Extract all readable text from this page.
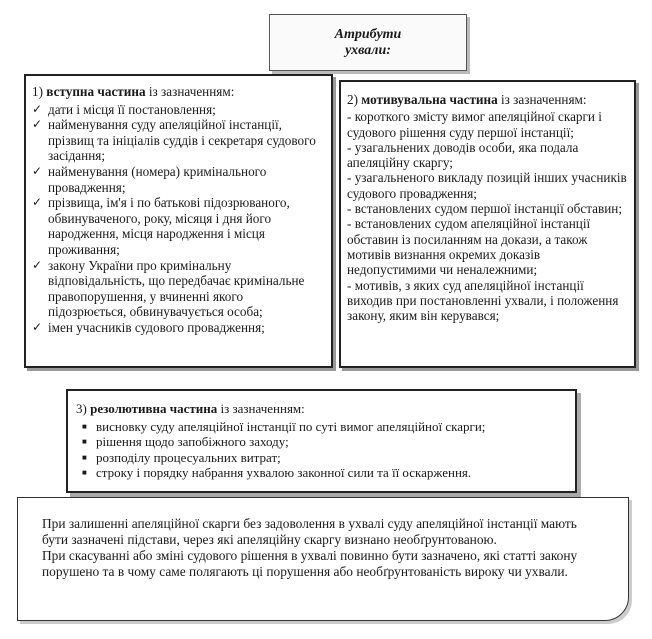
Атрибути
ухвали:
1) вступна частина із зазначенням:
✓ дати і місця її постановлення;
✓ найменування суду апеляційної інстанції, прізвищ та ініціалів суддів і секретаря судового засідання;
✓ найменування (номера) кримінального провадження;
✓ прізвища, ім'я і по батькові підозрюваного, обвинуваченого, року, місяця і дня його народження, місця народження і місця проживання;
✓ закону України про кримінальну відповідальність, що передбачає кримінальне правопорушення, у вчиненні якого підозрюється, обвинувачується особа;
✓ імен учасників судового провадження;
2) мотивувальна частина із зазначенням:
- короткого змісту вимог апеляційної скарги і судового рішення суду першої інстанції;
- узагальнених доводів особи, яка подала апеляційну скаргу;
- узагальненого викладу позицій інших учасників судового провадження;
- встановлених судом першої інстанції обставин;
- встановлених судом апеляційної інстанції обставин із посиланням на докази, а також мотивів визнання окремих доказів недопустимими чи неналежними;
- мотивів, з яких суд апеляційної інстанції виходив при постановленні ухвали, і положення закону, яким він керувався;
3) резолютивна частина із зазначенням:
■ висновку суду апеляційної інстанції по суті вимог апеляційної скарги;
■ рішення щодо запобіжного заходу;
■ розподілу процесуальних витрат;
■ строку і порядку набрання ухвалою законної сили та її оскарження.

При залишенні апеляційної скарги без задоволення в ухвалі суду апеляційної інстанції мають бути зазначені підстави, через які апеляційну скаргу визнано необґрунтованою.

При скасуванні або зміні судового рішення в ухвалі повинно бути зазначено, які статті закону порушено та в чому саме полягають ці порушення або необґрунтованість вироку чи ухвали.
